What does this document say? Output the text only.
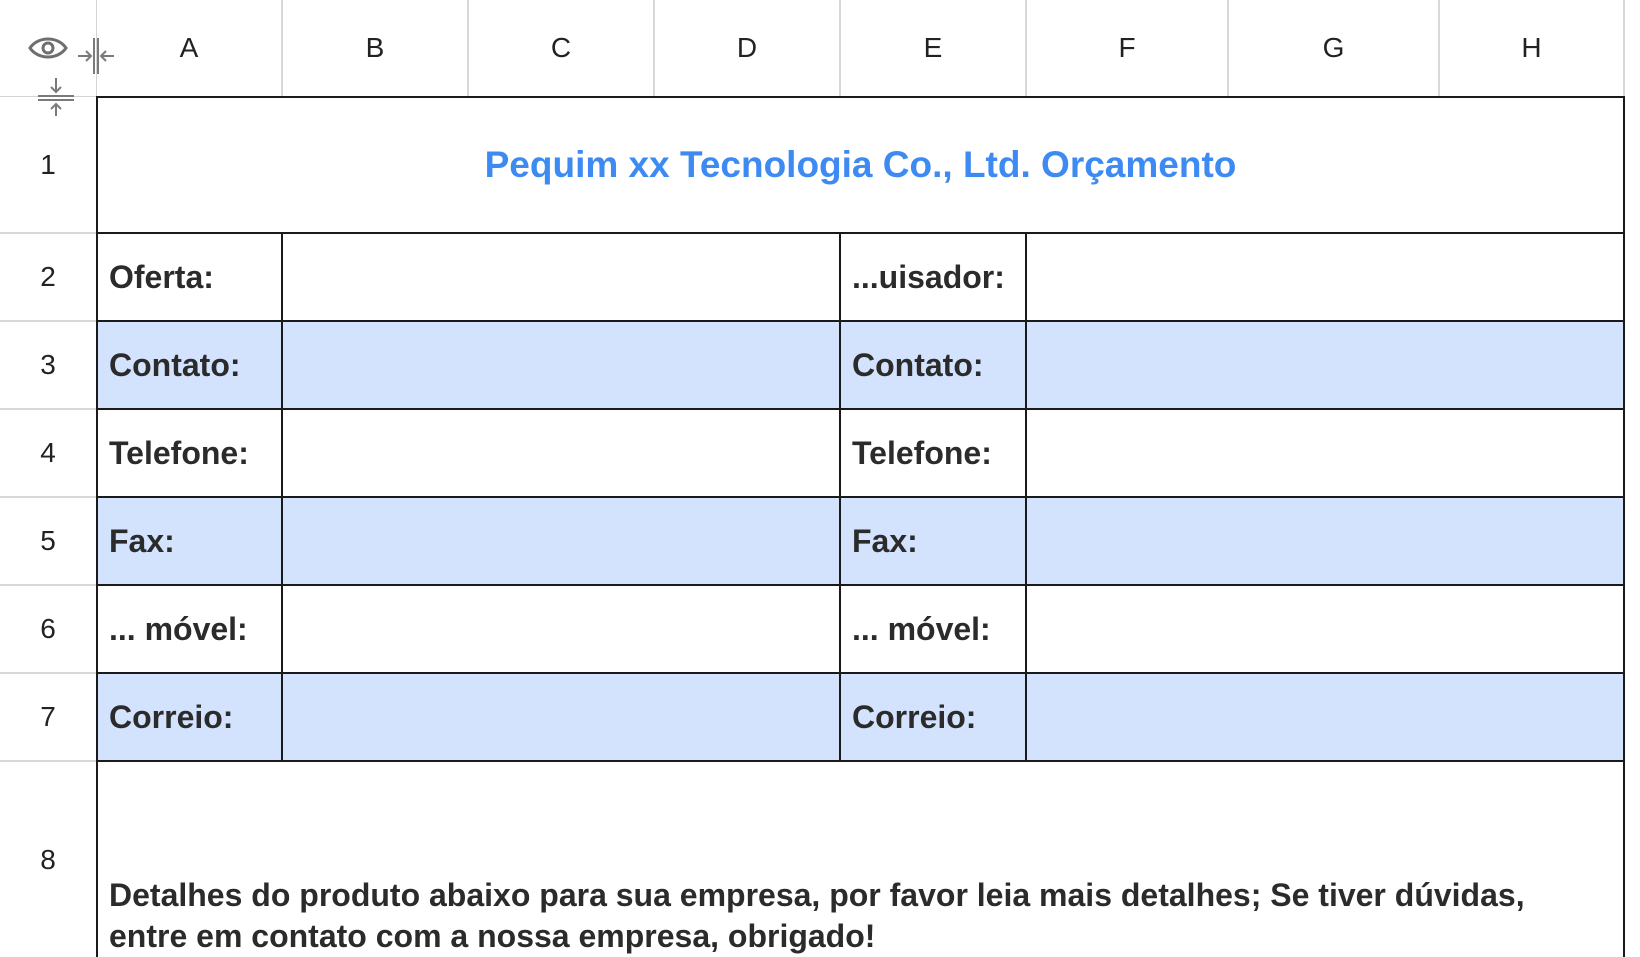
A	B	C	D	E	F	G	H
1
2
3
4
5
6
7
8
Pequim xx Tecnologia Co., Ltd. Orçamento
Oferta:	...uisador:
Contato:	Contato:
Telefone:	Telefone:
Fax:	Fax:
... móvel:	... móvel:
Correio:	Correio:
Detalhes do produto abaixo para sua empresa, por favor leia mais detalhes; Se tiver dúvidas, entre em contato com a nossa empresa, obrigado!
